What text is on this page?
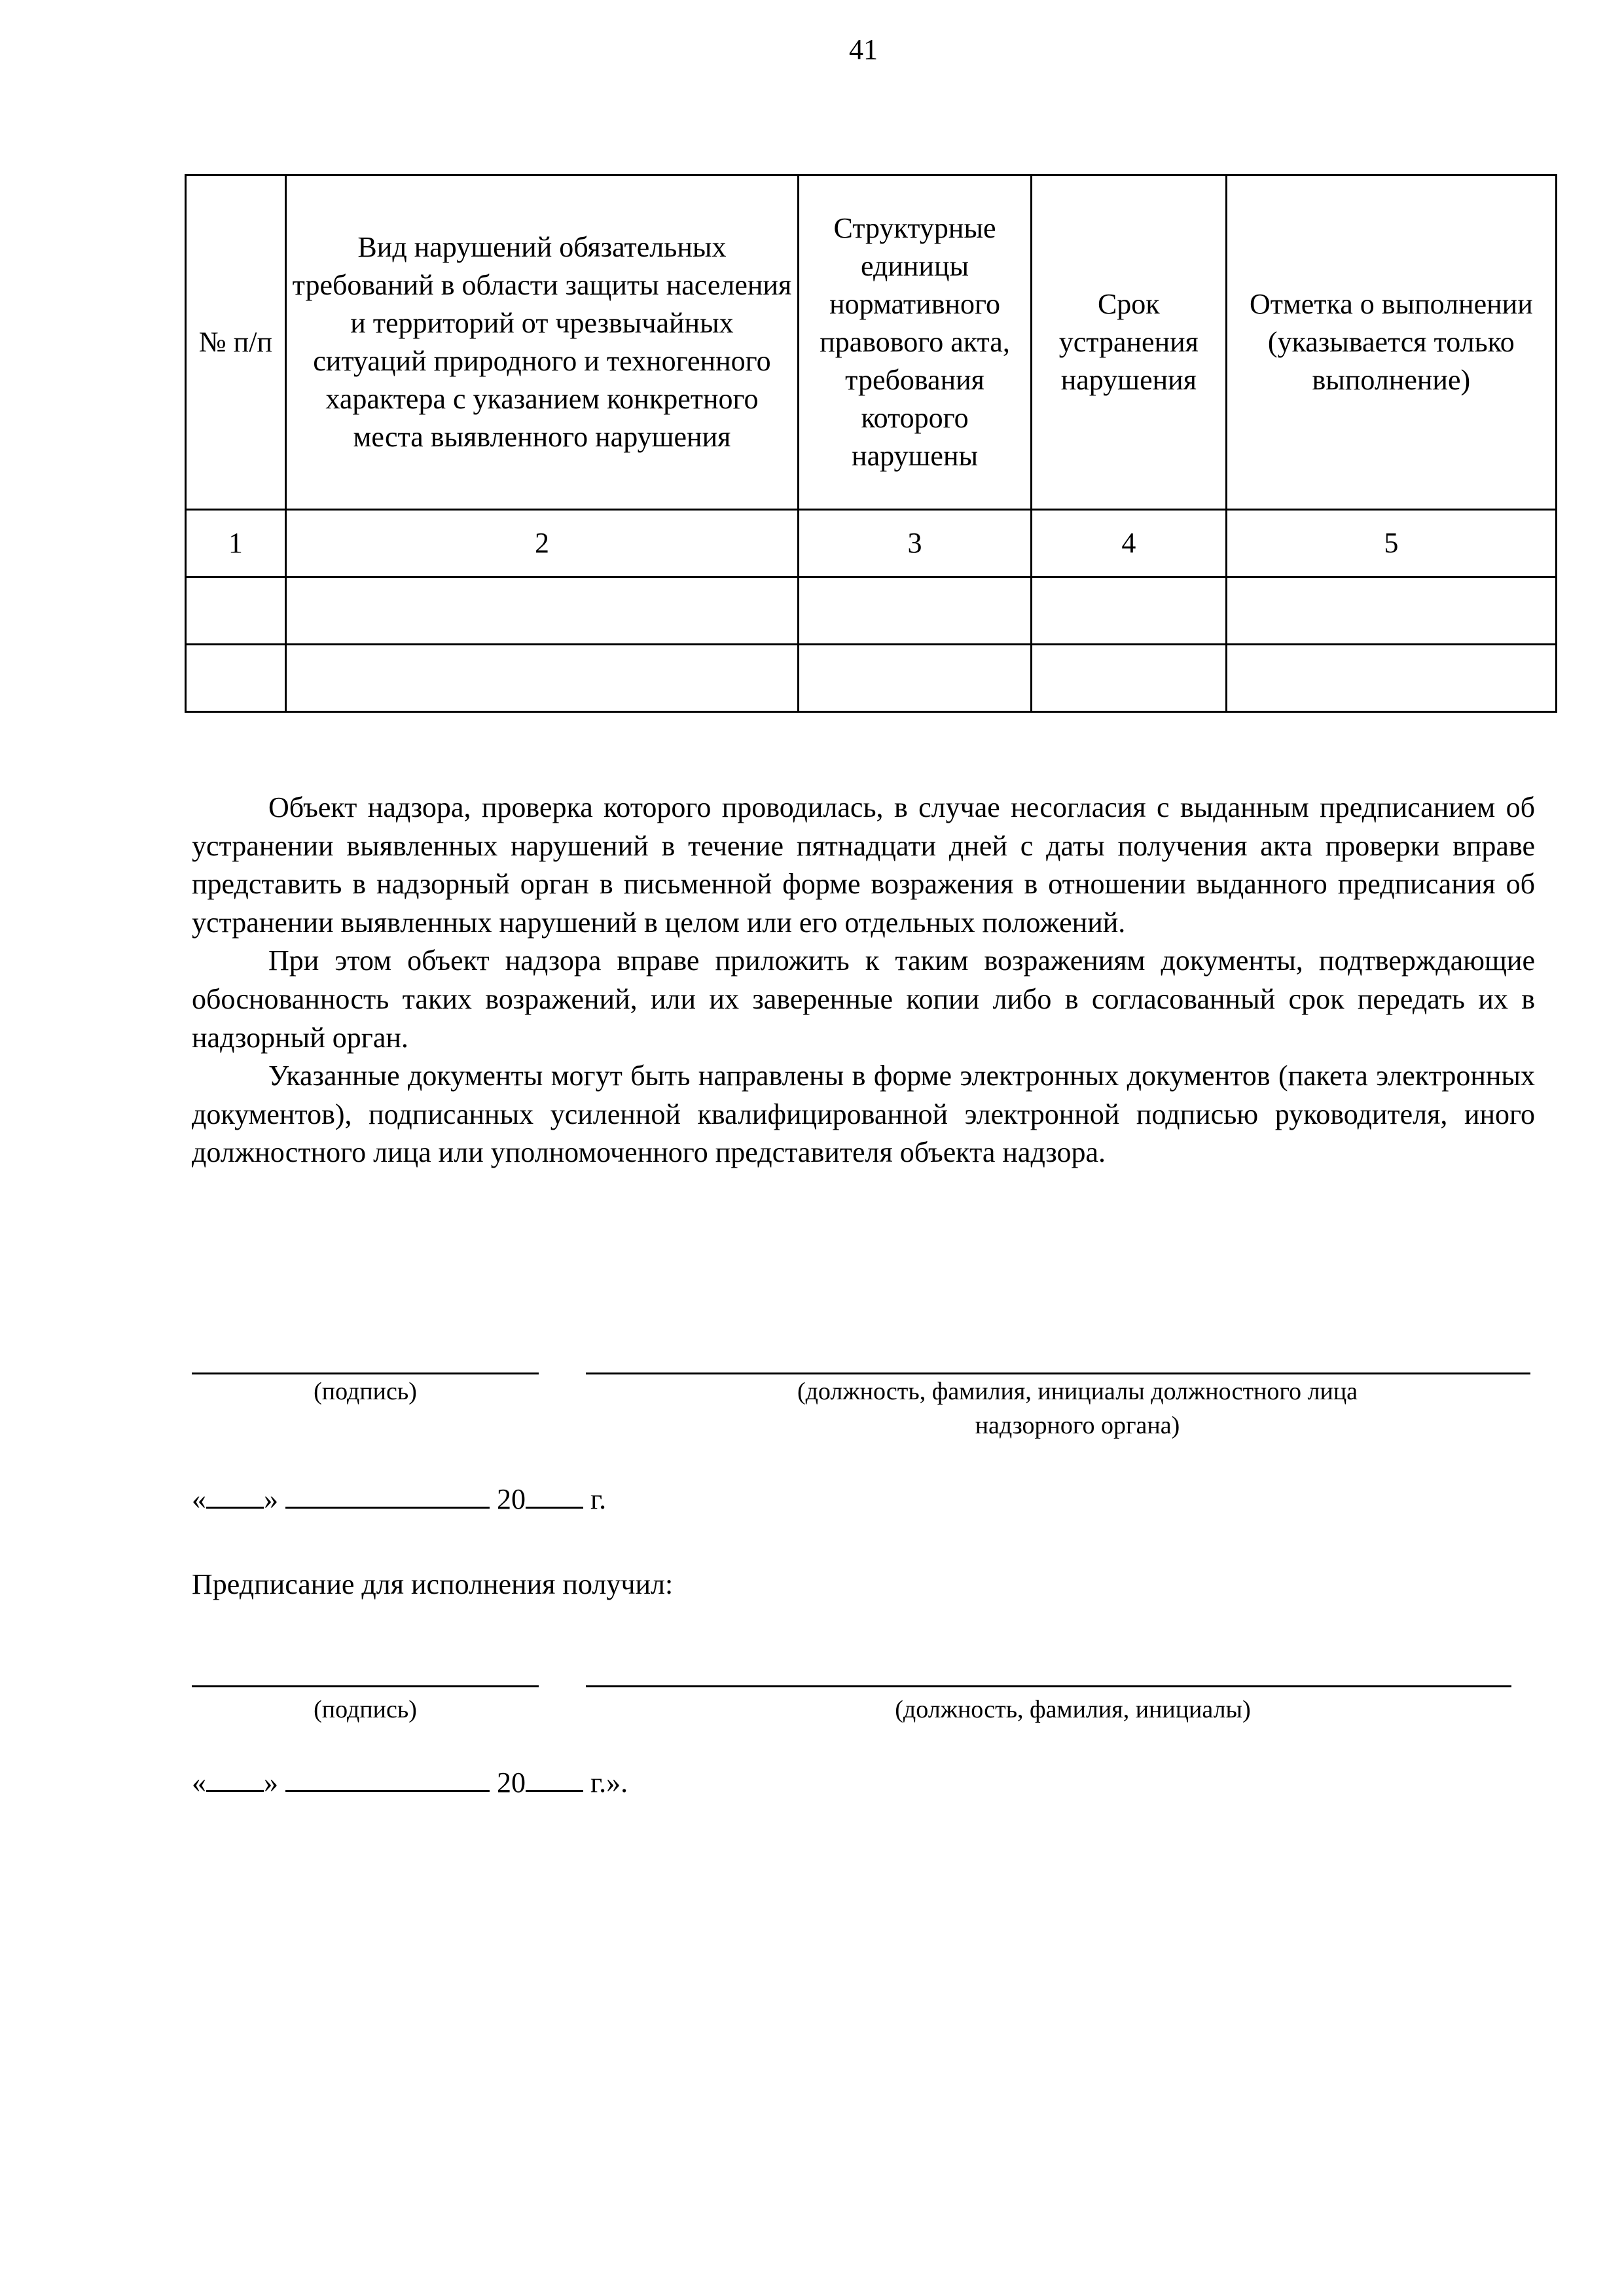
41
№ п/п	Вид нарушений обязательных требований в области защиты населения и территорий от чрезвычайных ситуаций природного и техногенного характера с указанием конкретного места выявленного нарушения	Структурные единицы нормативного правового акта, требования которого нарушены	Срок устранения нарушения	Отметка о выполнении (указывается только выполнение)
1	2	3	4	5

Объект надзора, проверка которого проводилась, в случае несогласия с выданным предписанием об устранении выявленных нарушений в течение пятнадцати дней с даты получения акта проверки вправе представить в надзорный орган в письменной форме возражения в отношении выданного предписания об устранении выявленных нарушений в целом или его отдельных положений.

При этом объект надзора вправе приложить к таким возражениям документы, подтверждающие обоснованность таких возражений, или их заверенные копии либо в согласованный срок передать их в надзорный орган.

Указанные документы могут быть направлены в форме электронных документов (пакета электронных документов), подписанных усиленной квалифицированной электронной подписью руководителя, иного должностного лица или уполномоченного представителя объекта надзора.

(подпись)	(должность, фамилия, инициалы должностного лица
надзорного органа)
« »	20 г.
Предписание для исполнения получил:
(подпись)	(должность, фамилия, инициалы)
« »	20 г.».
